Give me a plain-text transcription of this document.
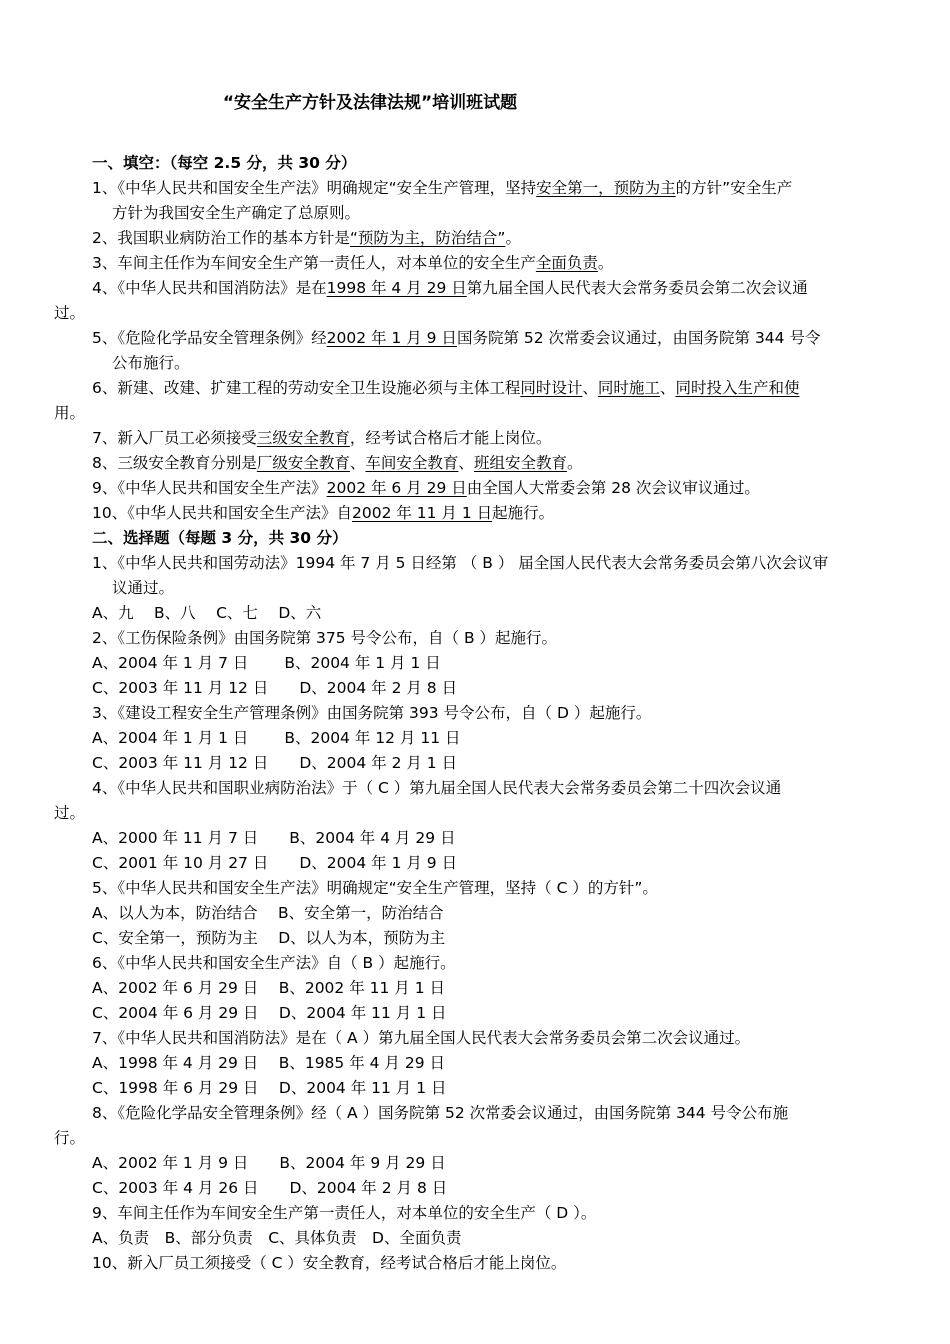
“安全生产方针及法律法规”培训班试题
一、填空：（每空 2.5 分，共 30 分）
1、《中华人民共和国安全生产法》明确规定“安全生产管理，坚持安全第一，预防为主的方针”安全生产
方针为我国安全生产确定了总原则。
2、我国职业病防治工作的基本方针是“预防为主，防治结合”。
3、车间主任作为车间安全生产第一责任人，对本单位的安全生产全面负责。
4、《中华人民共和国消防法》是在1998 年 4 月 29 日第九届全国人民代表大会常务委员会第二次会议通
过。
5、《危险化学品安全管理条例》经2002 年 1 月 9 日国务院第 52 次常委会议通过，由国务院第 344 号令
公布施行。
6、新建、改建、扩建工程的劳动安全卫生设施必须与主体工程同时设计、同时施工、同时投入生产和使
用。
7、新入厂员工必须接受三级安全教育，经考试合格后才能上岗位。
8、三级安全教育分别是厂级安全教育、车间安全教育、班组安全教育。
9、《中华人民共和国安全生产法》2002 年 6 月 29 日由全国人大常委会第 28 次会议审议通过。
10、《中华人民共和国安全生产法》自2002 年 11 月 1 日起施行。
二、选择题（每题 3 分，共 30 分）
1、《中华人民共和国劳动法》1994 年 7 月 5 日经第 （ B ） 届全国人民代表大会常务委员会第八次会议审
议通过。
A、九　 B、八　 C、七　 D、六
2、《工伤保险条例》由国务院第 375 号令公布，自（ B ）起施行。
A、2004 年 1 月 7 日　　 B、2004 年 1 月 1 日
C、2003 年 11 月 12 日　　D、2004 年 2 月 8 日
3、《建设工程安全生产管理条例》由国务院第 393 号令公布，自（ D ）起施行。
A、2004 年 1 月 1 日　　 B、2004 年 12 月 11 日
C、2003 年 11 月 12 日　　D、2004 年 2 月 1 日
4、《中华人民共和国职业病防治法》于（ C ）第九届全国人民代表大会常务委员会第二十四次会议通
过。
A、2000 年 11 月 7 日　　B、2004 年 4 月 29 日
C、2001 年 10 月 27 日　　D、2004 年 1 月 9 日
5、《中华人民共和国安全生产法》明确规定“安全生产管理，坚持（ C ）的方针”。
A、以人为本，防治结合　 B、安全第一，防治结合
C、安全第一，预防为主　 D、以人为本，预防为主
6、《中华人民共和国安全生产法》自（ B ）起施行。
A、2002 年 6 月 29 日　 B、2002 年 11 月 1 日
C、2004 年 6 月 29 日　 D、2004 年 11 月 1 日
7、《中华人民共和国消防法》是在（ A ）第九届全国人民代表大会常务委员会第二次会议通过。
A、1998 年 4 月 29 日　 B、1985 年 4 月 29 日
C、1998 年 6 月 29 日　 D、2004 年 11 月 1 日
8、《危险化学品安全管理条例》经（ A ）国务院第 52 次常委会议通过，由国务院第 344 号令公布施
行。
A、2002 年 1 月 9 日　　B、2004 年 9 月 29 日
C、2003 年 4 月 26 日　　D、2004 年 2 月 8 日
9、车间主任作为车间安全生产第一责任人，对本单位的安全生产（ D ）。
A、负责　B、部分负责　C、具体负责　D、全面负责
10、新入厂员工须接受（ C ）安全教育，经考试合格后才能上岗位。
